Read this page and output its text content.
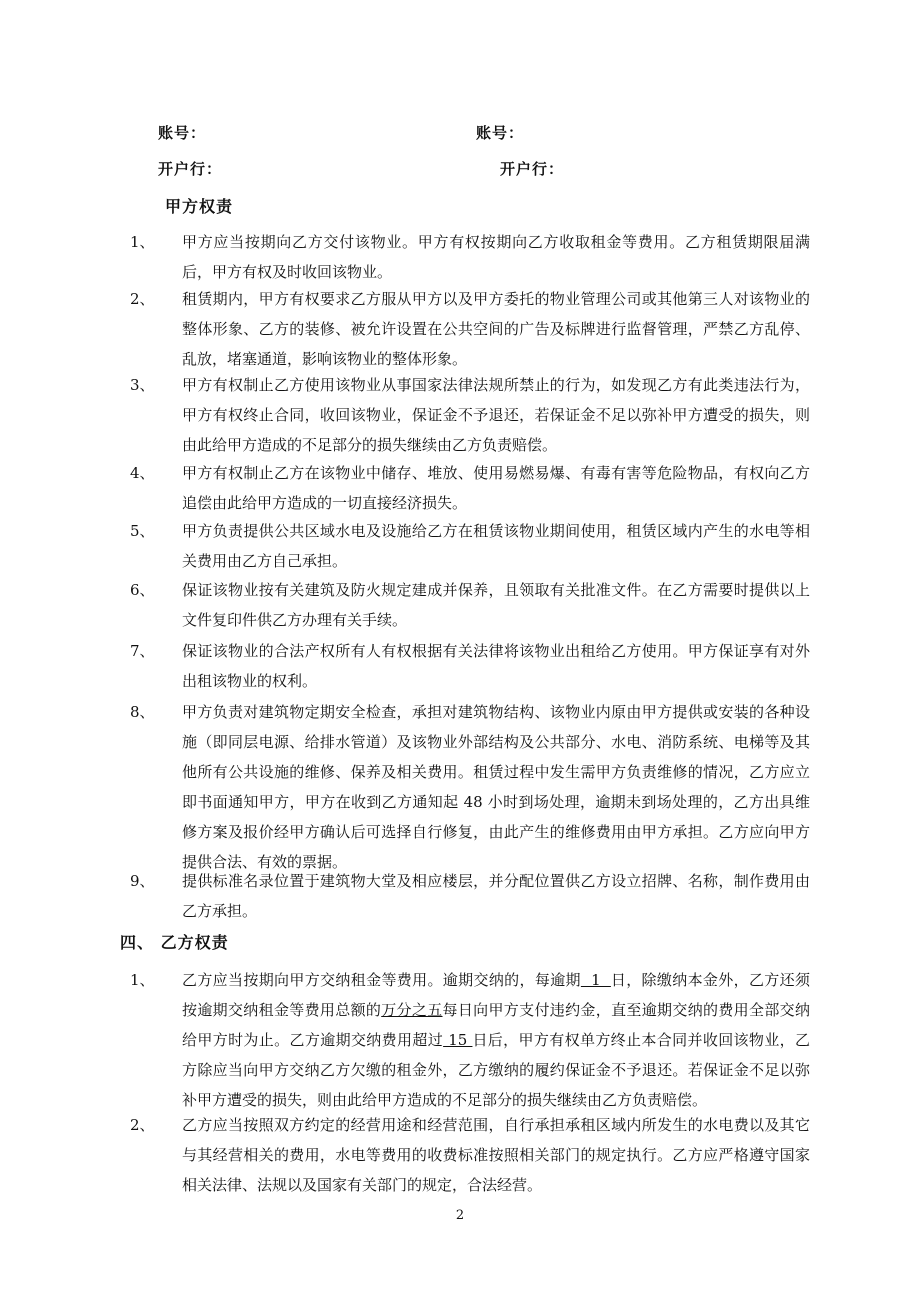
账号：	账号：
开户行：	开户行：
甲方权责
1、 甲方应当按期向乙方交付该物业。甲方有权按期向乙方收取租金等费用。乙方租赁期限届满后，甲方有权及时收回该物业。
2、 租赁期内，甲方有权要求乙方服从甲方以及甲方委托的物业管理公司或其他第三人对该物业的整体形象、乙方的装修、被允许设置在公共空间的广告及标牌进行监督管理，严禁乙方乱停、乱放，堵塞通道，影响该物业的整体形象。
3、 甲方有权制止乙方使用该物业从事国家法律法规所禁止的行为，如发现乙方有此类违法行为，甲方有权终止合同，收回该物业，保证金不予退还，若保证金不足以弥补甲方遭受的损失，则由此给甲方造成的不足部分的损失继续由乙方负责赔偿。
4、 甲方有权制止乙方在该物业中储存、堆放、使用易燃易爆、有毒有害等危险物品，有权向乙方追偿由此给甲方造成的一切直接经济损失。
5、 甲方负责提供公共区域水电及设施给乙方在租赁该物业期间使用，租赁区域内产生的水电等相关费用由乙方自己承担。
6、 保证该物业按有关建筑及防火规定建成并保养，且领取有关批准文件。在乙方需要时提供以上文件复印件供乙方办理有关手续。
7、 保证该物业的合法产权所有人有权根据有关法律将该物业出租给乙方使用。甲方保证享有对外出租该物业的权利。
8、 甲方负责对建筑物定期安全检查，承担对建筑物结构、该物业内原由甲方提供或安装的各种设施（即同层电源、给排水管道）及该物业外部结构及公共部分、水电、消防系统、电梯等及其他所有公共设施的维修、保养及相关费用。租赁过程中发生需甲方负责维修的情况，乙方应立即书面通知甲方，甲方在收到乙方通知起 48 小时到场处理，逾期未到场处理的，乙方出具维修方案及报价经甲方确认后可选择自行修复，由此产生的维修费用由甲方承担。乙方应向甲方提供合法、有效的票据。
9、 提供标准名录位置于建筑物大堂及相应楼层，并分配位置供乙方设立招牌、名称，制作费用由乙方承担。
四、 乙方权责
1、 乙方应当按期向甲方交纳租金等费用。逾期交纳的，每逾期  1  日，除缴纳本金外，乙方还须按逾期交纳租金等费用总额的万分之五每日向甲方支付违约金，直至逾期交纳的费用全部交纳给甲方时为止。乙方逾期交纳费用超过 15 日后，甲方有权单方终止本合同并收回该物业，乙方除应当向甲方交纳乙方欠缴的租金外，乙方缴纳的履约保证金不予退还。若保证金不足以弥补甲方遭受的损失，则由此给甲方造成的不足部分的损失继续由乙方负责赔偿。
2、 乙方应当按照双方约定的经营用途和经营范围，自行承担承租区域内所发生的水电费以及其它与其经营相关的费用，水电等费用的收费标准按照相关部门的规定执行。乙方应严格遵守国家相关法律、法规以及国家有关部门的规定，合法经营。
2
